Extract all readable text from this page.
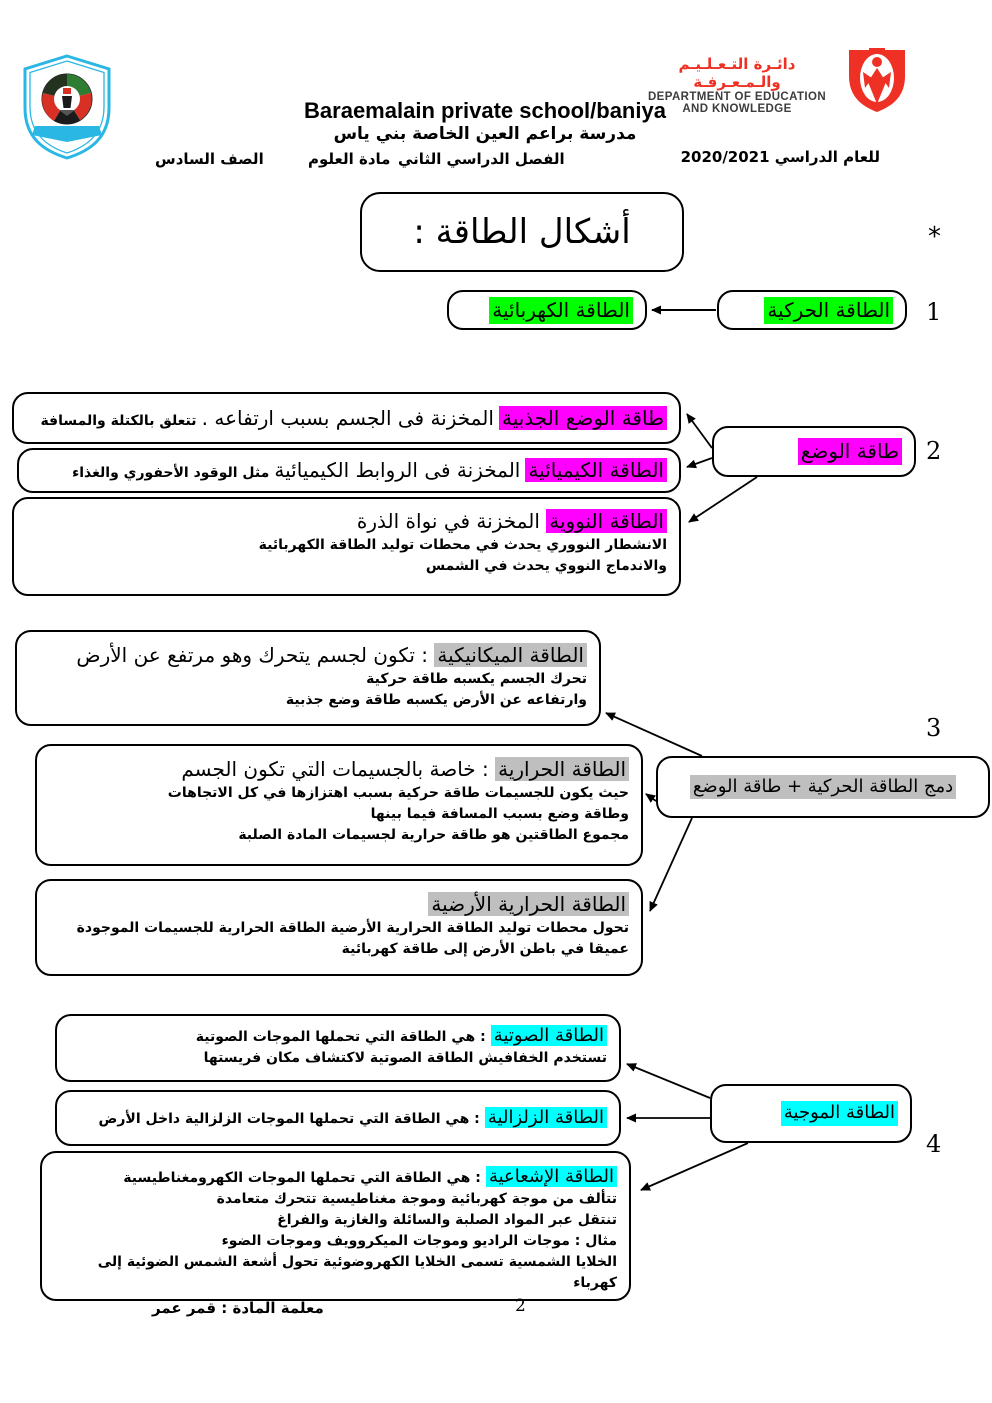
Baraemalain private school/baniya
مدرسة براعم العين الخاصة بني ياس
دائـرة التـعـلـيـم والـمـعـرفـة
DEPARTMENT OF EDUCATION
AND KNOWLEDGE
للعام الدراسي 2020/2021
الفصل الدراسي الثاني
مادة العلوم
الصف السادس
أشكال الطاقة :	*
الطاقة الحركية
الطاقة الكهربائية	1
طاقة الوضع 2
طاقة الوضع الجذبية المخزنة فى الجسم بسبب ارتفاعه . تتعلق بالكتلة والمسافة
الطاقة الكيميائية المخزنة فى الروابط الكيميائية مثل الوقود الأحفوري والغذاء
الطاقة النووية المخزنة في نواة الذرة
الانشطار النووري يحدث في محطات توليد الطاقة الكهربائية
والاندماج النووي يحدث في الشمس
دمج الطاقة الحركية + طاقة الوضع
3
الطاقة الميكانيكية : تكون لجسم يتحرك وهو مرتفع عن الأرض
تحرك الجسم يكسبه طاقة حركية
وارتفاعه عن الأرض يكسبه طاقة وضع جذبية
الطاقة الحرارية : خاصة بالجسيمات التي تكون الجسم
حيث يكون للجسيمات طاقة حركية بسبب اهتزازها في كل الاتجاهات
وطاقة وضع بسبب المسافة فيما بينها
مجموع الطاقتين هو طاقة حرارية لجسيمات المادة الصلبة
الطاقة الحرارية الأرضية
تحول محطات توليد الطاقة الحرارية الأرضية الطاقة الحرارية للجسيمات الموجودة
عميقا في باطن الأرض إلى طاقة كهربائية
الطاقة الموجية
4
الطاقة الصوتية : هي الطاقة التي تحملها الموجات الصوتية
تستخدم الخفافيش الطاقة الصوتية لاكتشاف مكان فريستها
الطاقة الزلزالية : هي الطاقة التي تحملها الموجات الزلزالية داخل الأرض
الطاقة الإشعاعية : هي الطاقة التي تحملها الموجات الكهرومغناطيسية
تتألف من موجة كهربائية وموجة مغناطيسية تتحرك متعامدة
تنتقل عبر المواد الصلبة والسائلة والغازية والفراغ
مثال : موجات الراديو وموجات الميكروويف وموجات الضوء
الخلايا الشمسية تسمى الخلايا الكهروضوئية تحول أشعة الشمس الضوئية إلى كهرباء
معلمة المادة : قمر عمر	2
